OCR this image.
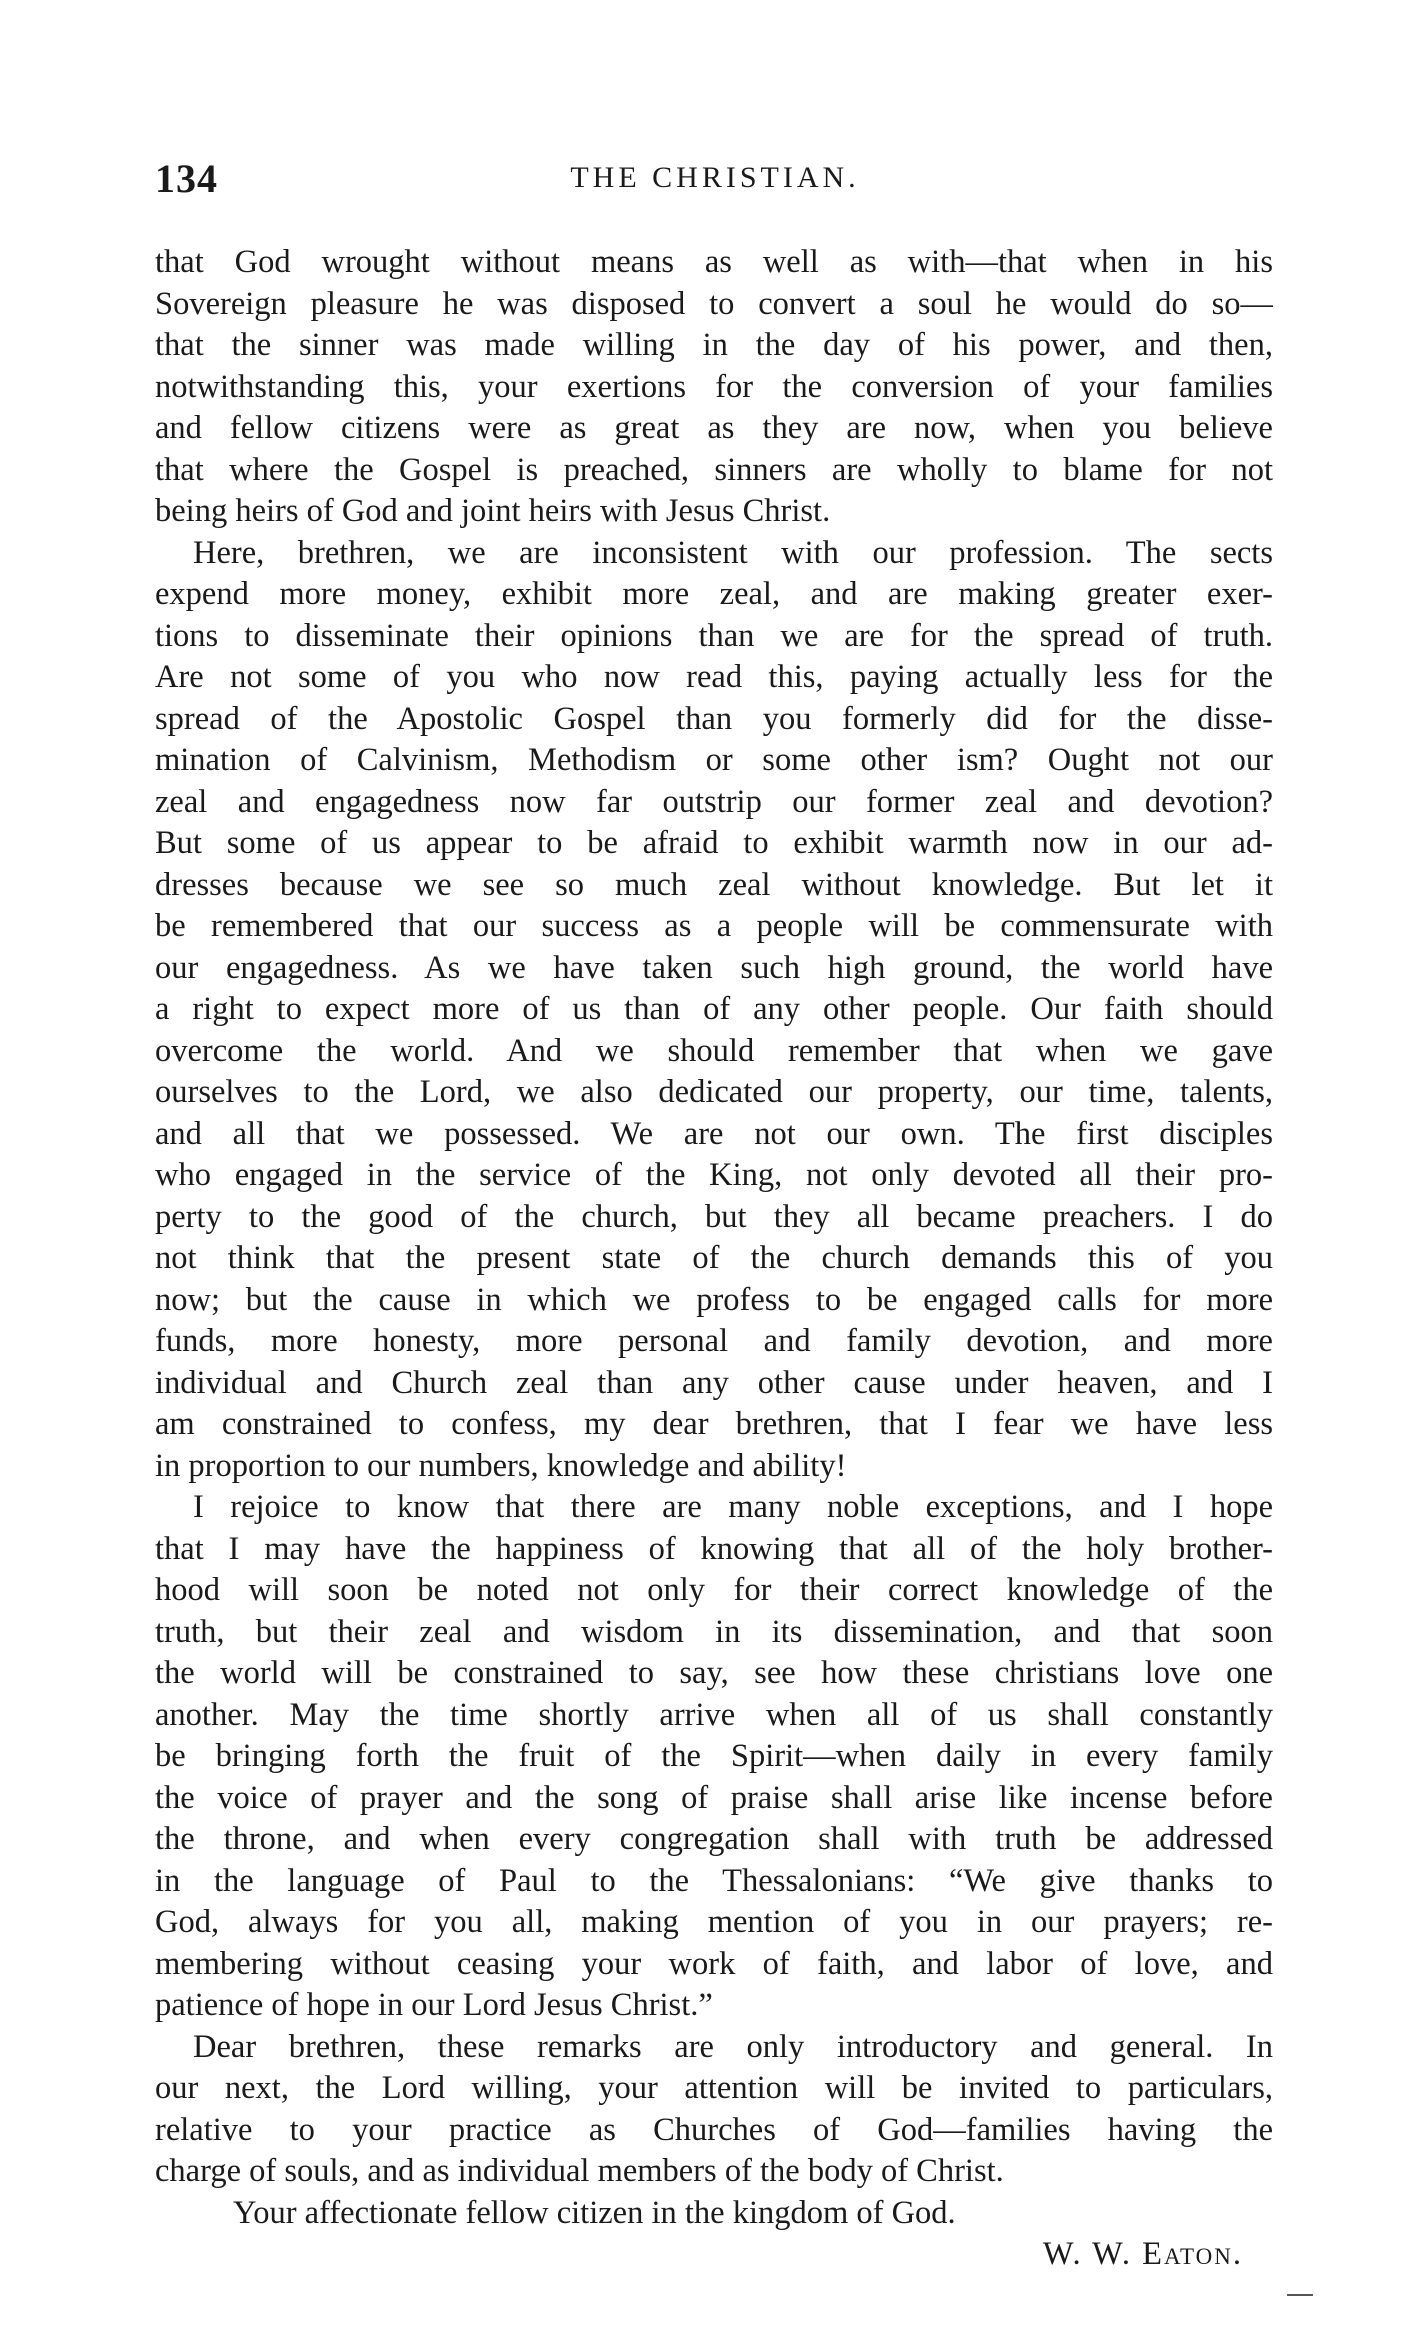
134	THE CHRISTIAN.
that God wrought without means as well as with—that when in his
Sovereign pleasure he was disposed to convert a soul he would do so—
that the sinner was made willing in the day of his power, and then,
notwithstanding this, your exertions for the conversion of your families
and fellow citizens were as great as they are now, when you believe
that where the Gospel is preached, sinners are wholly to blame for not
being heirs of God and joint heirs with Jesus Christ.
Here, brethren, we are inconsistent with our profession. The sects
expend more money, exhibit more zeal, and are making greater exer-
tions to disseminate their opinions than we are for the spread of truth.
Are not some of you who now read this, paying actually less for the
spread of the Apostolic Gospel than you formerly did for the disse-
mination of Calvinism, Methodism or some other ism? Ought not our
zeal and engagedness now far outstrip our former zeal and devotion?
But some of us appear to be afraid to exhibit warmth now in our ad-
dresses because we see so much zeal without knowledge. But let it
be remembered that our success as a people will be commensurate with
our engagedness. As we have taken such high ground, the world have
a right to expect more of us than of any other people. Our faith should
overcome the world. And we should remember that when we gave
ourselves to the Lord, we also dedicated our property, our time, talents,
and all that we possessed. We are not our own. The first disciples
who engaged in the service of the King, not only devoted all their pro-
perty to the good of the church, but they all became preachers. I do
not think that the present state of the church demands this of you
now; but the cause in which we profess to be engaged calls for more
funds, more honesty, more personal and family devotion, and more
individual and Church zeal than any other cause under heaven, and I
am constrained to confess, my dear brethren, that I fear we have less
in proportion to our numbers, knowledge and ability!
I rejoice to know that there are many noble exceptions, and I hope
that I may have the happiness of knowing that all of the holy brother-
hood will soon be noted not only for their correct knowledge of the
truth, but their zeal and wisdom in its dissemination, and that soon
the world will be constrained to say, see how these christians love one
another. May the time shortly arrive when all of us shall constantly
be bringing forth the fruit of the Spirit—when daily in every family
the voice of prayer and the song of praise shall arise like incense before
the throne, and when every congregation shall with truth be addressed
in the language of Paul to the Thessalonians: “We give thanks to
God, always for you all, making mention of you in our prayers; re-
membering without ceasing your work of faith, and labor of love, and
patience of hope in our Lord Jesus Christ.”
Dear brethren, these remarks are only introductory and general. In
our next, the Lord willing, your attention will be invited to particulars,
relative to your practice as Churches of God—families having the
charge of souls, and as individual members of the body of Christ.
Your affectionate fellow citizen in the kingdom of God.
W. W. Eaton.
